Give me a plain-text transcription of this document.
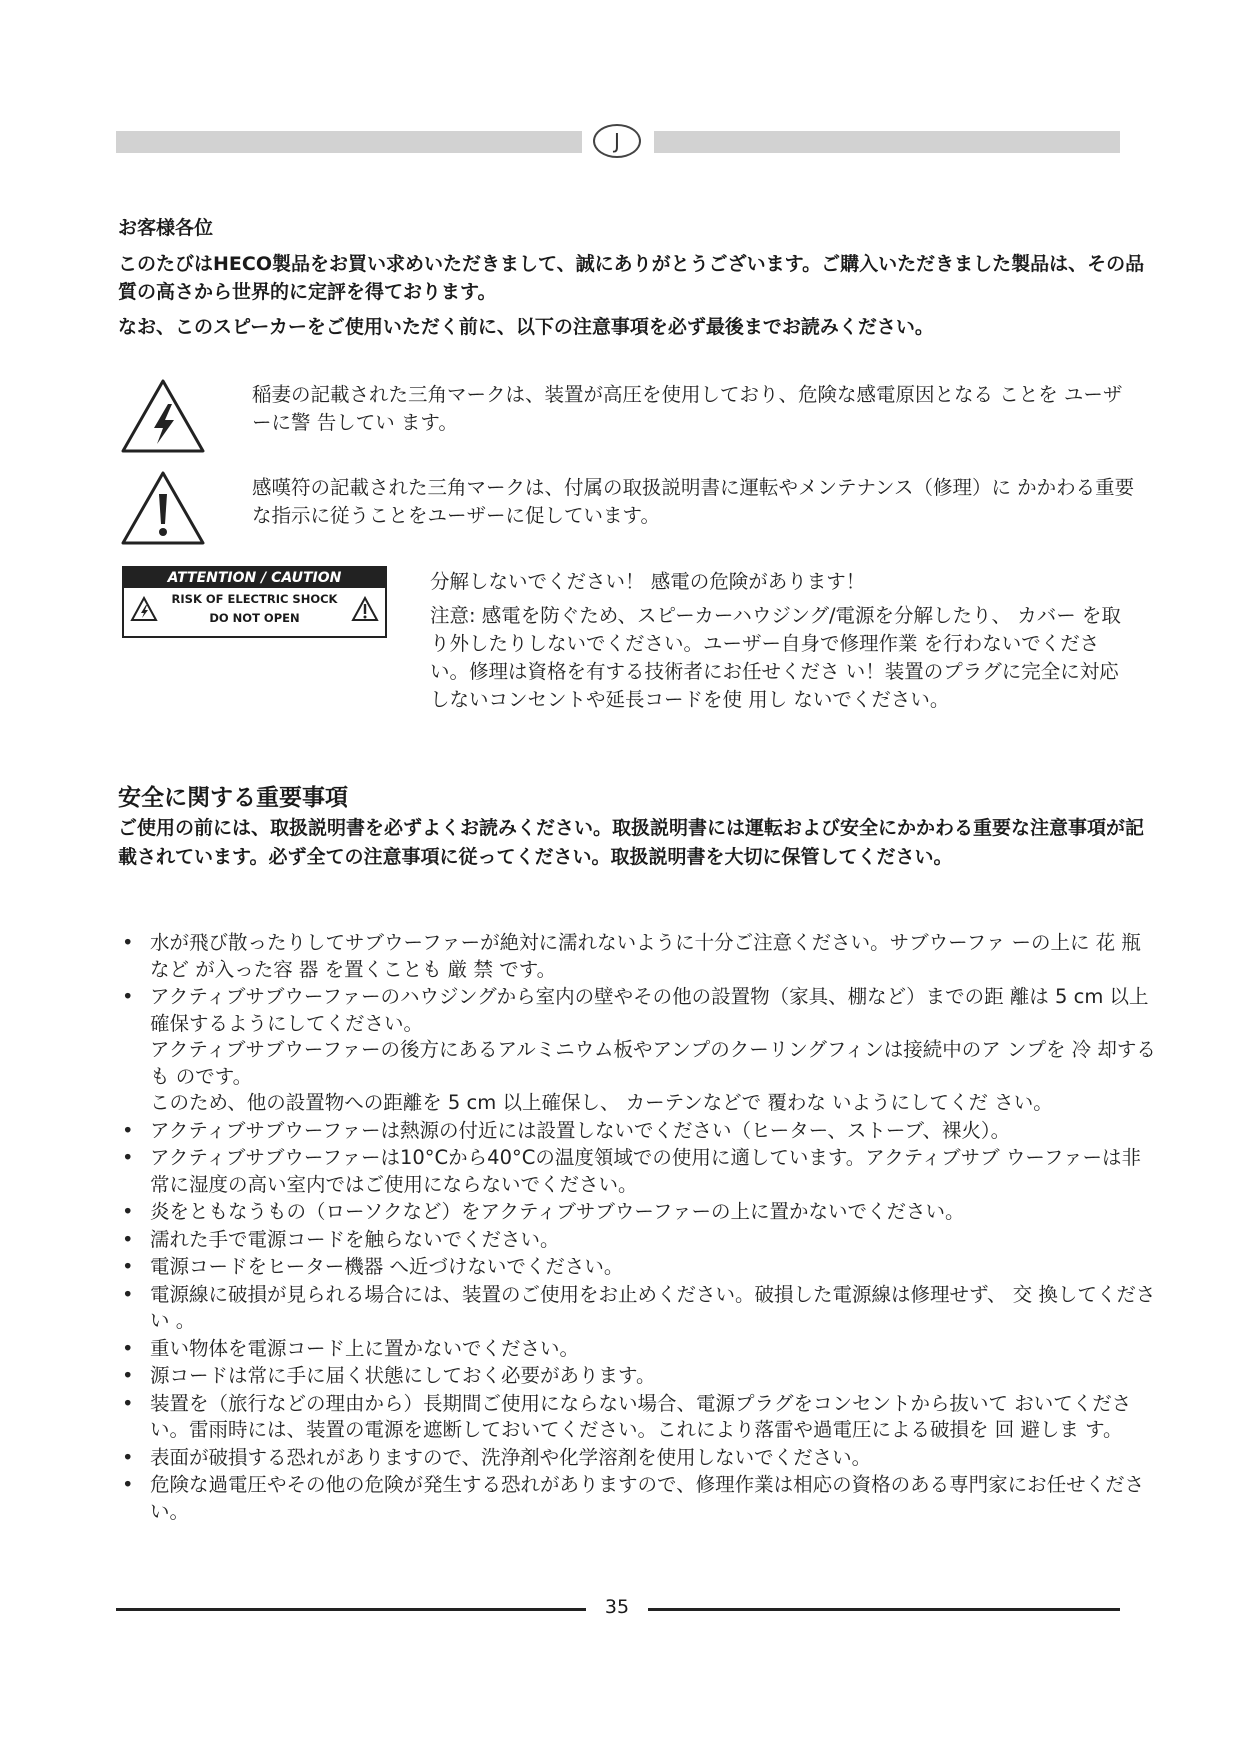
J
お客様各位
このたびはHECO製品をお買い求めいただきまして、誠にありがとうございます。ご購入いただきました製品は、その品質の高さから世界的に定評を得ております。
なお、このスピーカーをご使用いただく前に、以下の注意事項を必ず最後までお読みください。
稲妻の記載された三角マークは、装置が高圧を使用しており、危険な感電原因となる ことを ユーザーに警 告してい ます。
感嘆符の記載された三角マークは、付属の取扱説明書に運転やメンテナンス（修理）に かかわる重要な指示に従うことをユーザーに促しています。
ATTENTION / CAUTION
RISK OF ELECTRIC SHOCK
DO NOT OPEN
分解しないでください！ 感電の危険があります！
注意: 感電を防ぐため、スピーカーハウジング/電源を分解したり、 カバー を取り外したりしないでください。ユーザー自身で修理作業 を行わないでください。修理は資格を有する技術者にお任せくださ い！装置のプラグに完全に対応しないコンセントや延長コードを使 用し ないでください。
安全に関する重要事項
ご使用の前には、取扱説明書を必ずよくお読みください。取扱説明書には運転および安全にかかわる重要な注意事項が記載されています。必ず全ての注意事項に従ってください。取扱説明書を大切に保管してください。
• 水が飛び散ったりしてサブウーファーが絶対に濡れないように十分ご注意ください。サブウーファ ーの上に 花 瓶 など が入った容 器 を置くことも 厳 禁 です。
• アクティブサブウーファーのハウジングから室内の壁やその他の設置物（家具、棚など）までの距 離は 5 cm 以上確保するようにしてください。
アクティブサブウーファーの後方にあるアルミニウム板やアンプのクーリングフィンは接続中のア ンプを 冷 却するも のです。
このため、他の設置物への距離を 5 cm 以上確保し、 カーテンなどで 覆わな いようにしてくだ さい。
• アクティブサブウーファーは熱源の付近には設置しないでください（ヒーター、ストーブ、裸火）。
• アクティブサブウーファーは10°Cから40°Cの温度領域での使用に適しています。アクティブサブ ウーファーは非常に湿度の高い室内ではご使用にならないでください。
• 炎をともなうもの（ローソクなど）をアクティブサブウーファーの上に置かないでください。
• 濡れた手で電源コードを触らないでください。
• 電源コードをヒーター機器 へ近づけないでください。
• 電源線に破損が見られる場合には、装置のご使用をお止めください。破損した電源線は修理せず、 交 換してくださ い 。
• 重い物体を電源コード上に置かないでください。
• 源コードは常に手に届く状態にしておく必要があります。
• 装置を（旅行などの理由から）長期間ご使用にならない場合、電源プラグをコンセントから抜いて おいてください。雷雨時には、装置の電源を遮断しておいてください。これにより落雷や過電圧による破損を 回 避しま す。
• 表面が破損する恐れがありますので、洗浄剤や化学溶剤を使用しないでください。
• 危険な過電圧やその他の危険が発生する恐れがありますので、修理作業は相応の資格のある専門家にお任せください。
35
